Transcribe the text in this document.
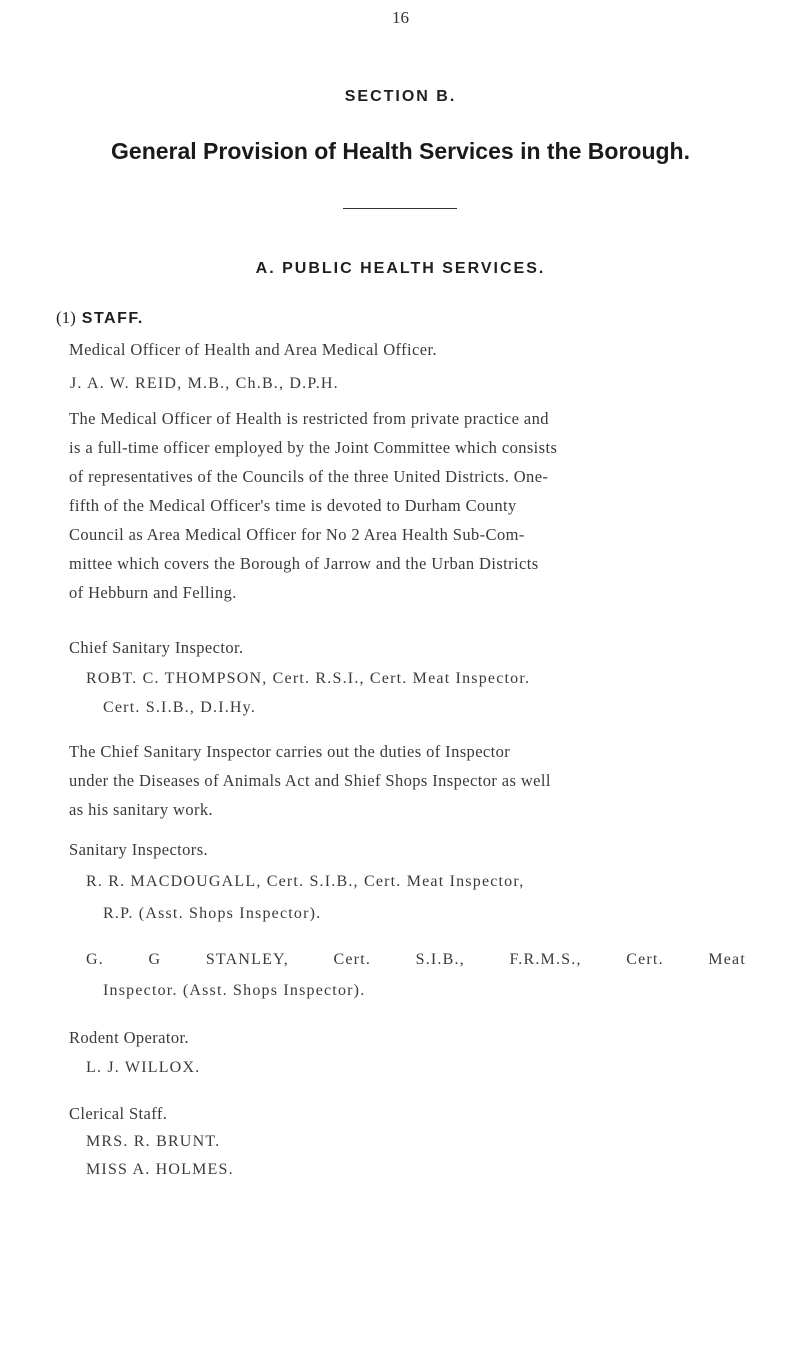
16
SECTION B.
General Provision of Health Services in the Borough.
A. PUBLIC HEALTH SERVICES.
(1) STAFF.
Medical Officer of Health and Area Medical Officer.
J. A. W. REID, M.B., Ch.B., D.P.H.
The Medical Officer of Health is restricted from private practice and
is a full-time officer employed by the Joint Committee which consists
of representatives of the Councils of the three United Districts. One-
fifth of the Medical Officer's time is devoted to Durham County
Council as Area Medical Officer for No 2 Area Health Sub-Com-
mittee which covers the Borough of Jarrow and the Urban Districts
of Hebburn and Felling.
Chief Sanitary Inspector.
ROBT. C. THOMPSON, Cert. R.S.I., Cert. Meat Inspector.
Cert. S.I.B., D.I.Hy.
The Chief Sanitary Inspector carries out the duties of Inspector
under the Diseases of Animals Act and Shief Shops Inspector as well
as his sanitary work.
Sanitary Inspectors.
R. R. MACDOUGALL, Cert. S.I.B., Cert. Meat Inspector,
R.P. (Asst. Shops Inspector).
G. G STANLEY, Cert. S.I.B., F.R.M.S., Cert. Meat
Inspector. (Asst. Shops Inspector).
Rodent Operator.
L. J. WILLOX.
Clerical Staff.
MRS. R. BRUNT.
MISS A. HOLMES.
